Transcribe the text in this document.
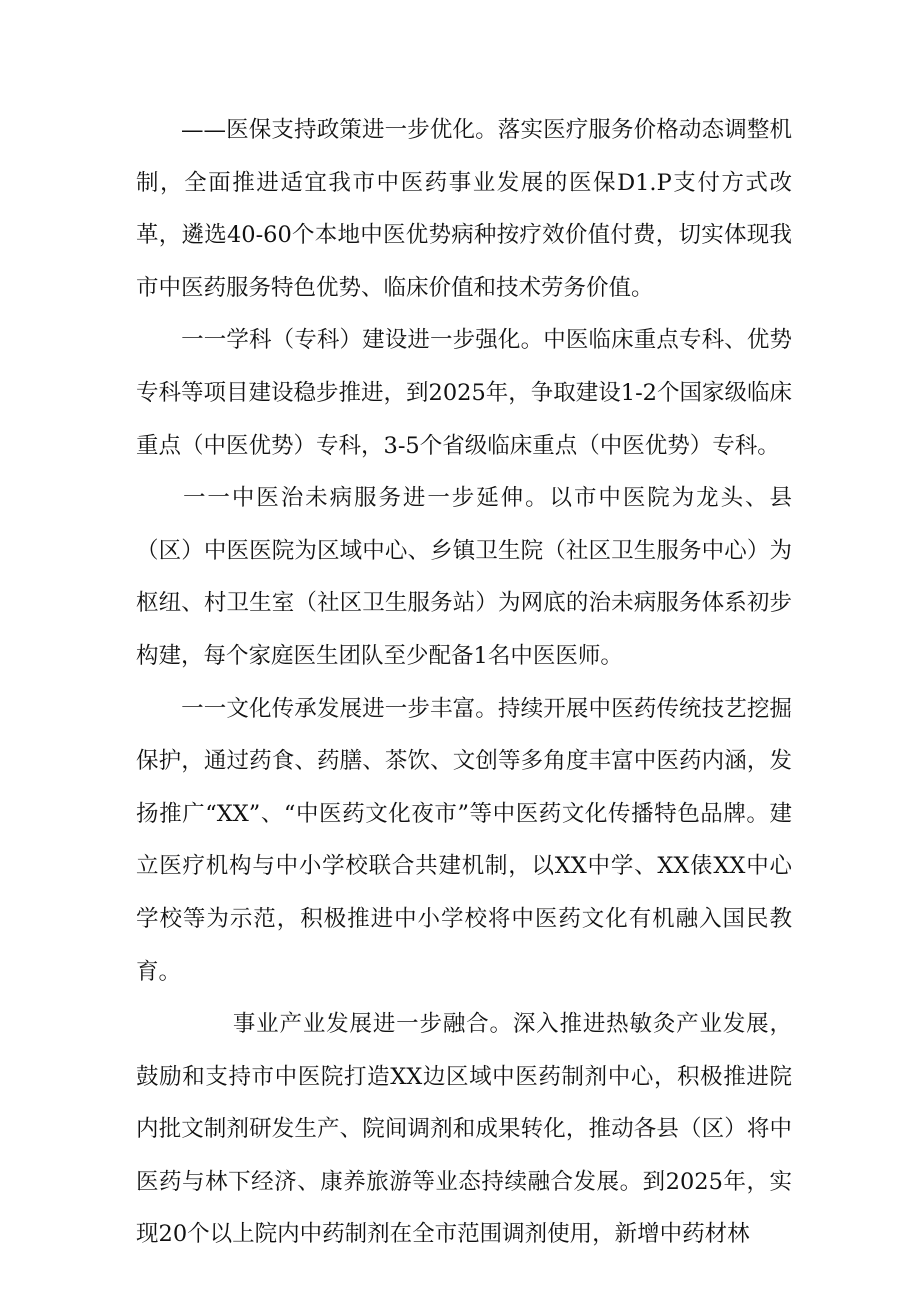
——医保支持政策进一步优化。落实医疗服务价格动态调整机制，全面推进适宜我市中医药事业发展的医保D1.P支付方式改革，遴选40-60个本地中医优势病种按疗效价值付费，切实体现我市中医药服务特色优势、临床价值和技术劳务价值。

一一学科（专科）建设进一步强化。中医临床重点专科、优势专科等项目建设稳步推进，到2025年，争取建设1-2个国家级临床重点（中医优势）专科，3-5个省级临床重点（中医优势）专科。

一一中医治未病服务进一步延伸。以市中医院为龙头、县（区）中医医院为区域中心、乡镇卫生院（社区卫生服务中心）为枢纽、村卫生室（社区卫生服务站）为网底的治未病服务体系初步构建，每个家庭医生团队至少配备1名中医医师。

一一文化传承发展进一步丰富。持续开展中医药传统技艺挖掘保护，通过药食、药膳、茶饮、文创等多角度丰富中医药内涵，发扬推广“XX”、“中医药文化夜市”等中医药文化传播特色品牌。建立医疗机构与中小学校联合共建机制，以XX中学、XX俵XX中心学校等为示范，积极推进中小学校将中医药文化有机融入国民教育。

事业产业发展进一步融合。深入推进热敏灸产业发展，鼓励和支持市中医院打造XX边区域中医药制剂中心，积极推进院内批文制剂研发生产、院间调剂和成果转化，推动各县（区）将中医药与林下经济、康养旅游等业态持续融合发展。到2025年，实现20个以上院内中药制剂在全市范围调剂使用，新增中药材林
